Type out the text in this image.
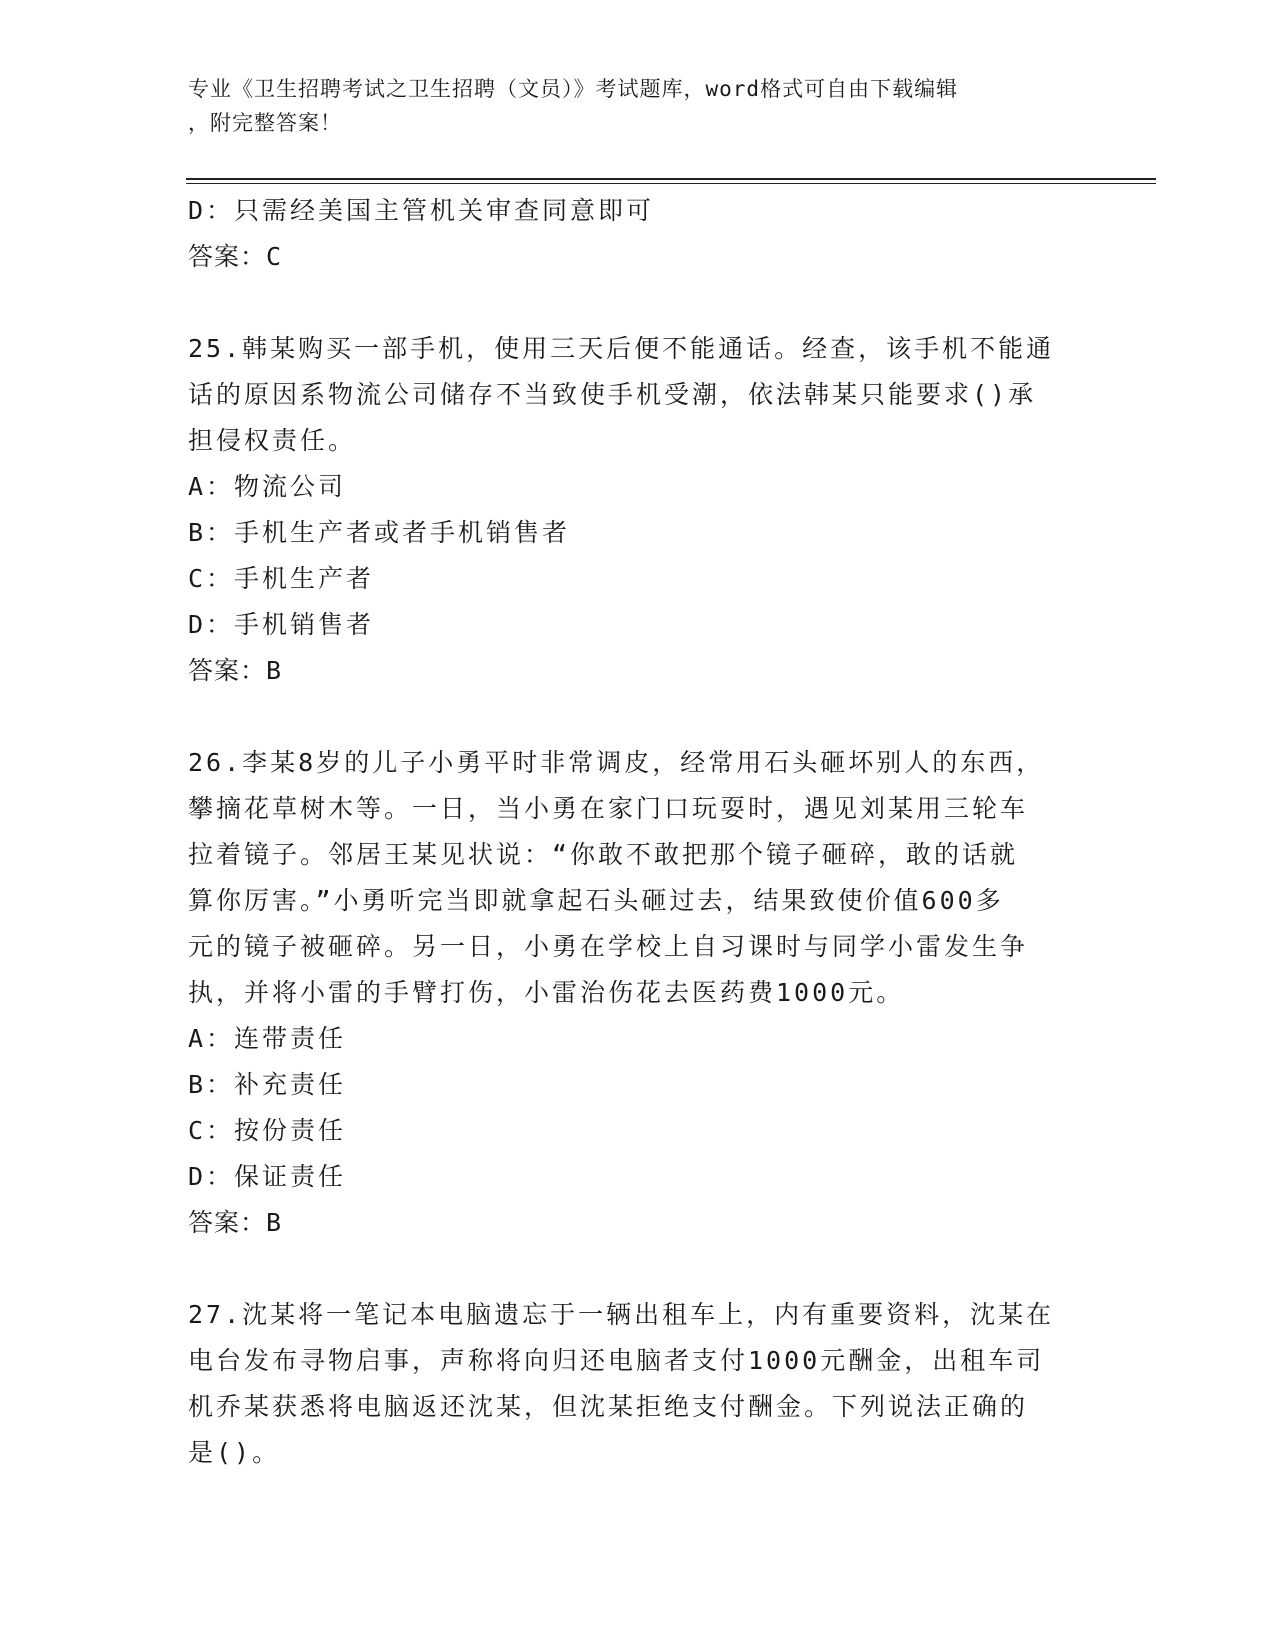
专业《卫生招聘考试之卫生招聘（文员）》考试题库，word格式可自由下载编辑
，附完整答案！
D：只需经美国主管机关审查同意即可
答案：C
25.韩某购买一部手机，使用三天后便不能通话。经查，该手机不能通
话的原因系物流公司储存不当致使手机受潮，依法韩某只能要求()承
担侵权责任。
A：物流公司
B：手机生产者或者手机销售者
C：手机生产者
D：手机销售者
答案：B
26.李某8岁的儿子小勇平时非常调皮，经常用石头砸坏别人的东西，
攀摘花草树木等。一日，当小勇在家门口玩耍时，遇见刘某用三轮车
拉着镜子。邻居王某见状说：“你敢不敢把那个镜子砸碎，敢的话就
算你厉害。”小勇听完当即就拿起石头砸过去，结果致使价值600多
元的镜子被砸碎。另一日，小勇在学校上自习课时与同学小雷发生争
执，并将小雷的手臂打伤，小雷治伤花去医药费1000元。
A：连带责任
B：补充责任
C：按份责任
D：保证责任
答案：B
27.沈某将一笔记本电脑遗忘于一辆出租车上，内有重要资料，沈某在
电台发布寻物启事，声称将向归还电脑者支付1000元酬金，出租车司
机乔某获悉将电脑返还沈某，但沈某拒绝支付酬金。下列说法正确的
是()。
